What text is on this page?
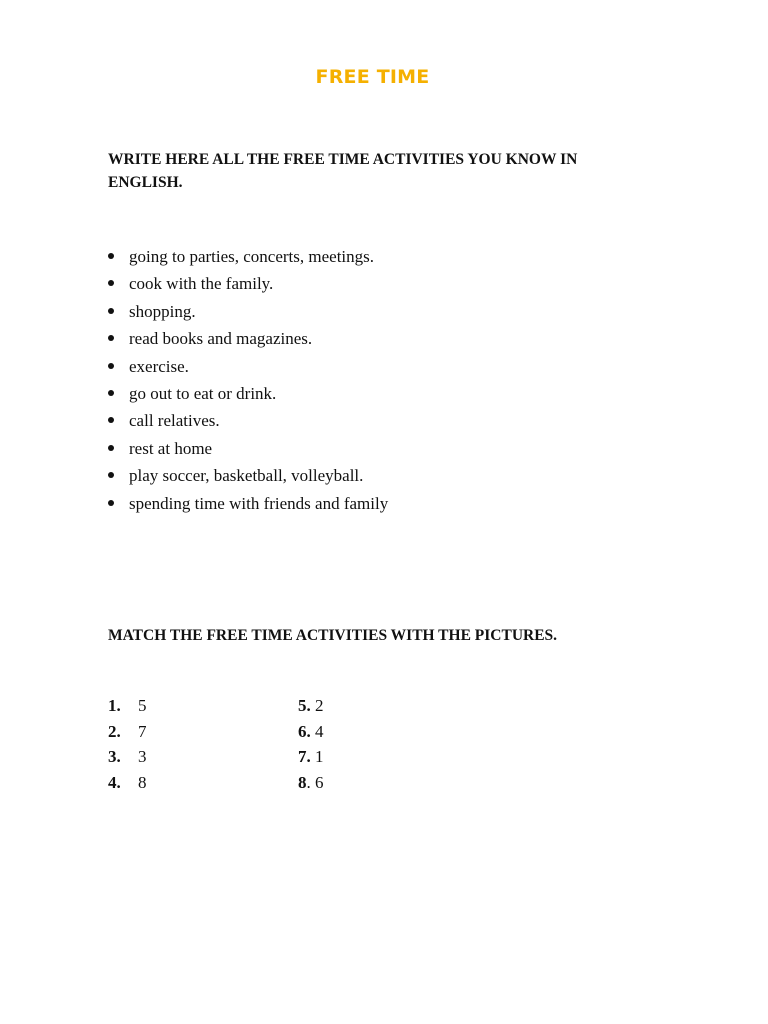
FREE TIME

WRITE HERE ALL THE FREE TIME ACTIVITIES YOU KNOW IN ENGLISH.

going to parties, concerts, meetings.
cook with the family.
shopping.
read books and magazines.
exercise.
go out to eat or drink.
call relatives.
rest at home
play soccer, basketball, volleyball.
spending time with friends and family

MATCH THE FREE TIME ACTIVITIES WITH THE PICTURES.

1. 5
2. 7
3. 3
4. 8
5. 2
6. 4
7. 1
8. 6
